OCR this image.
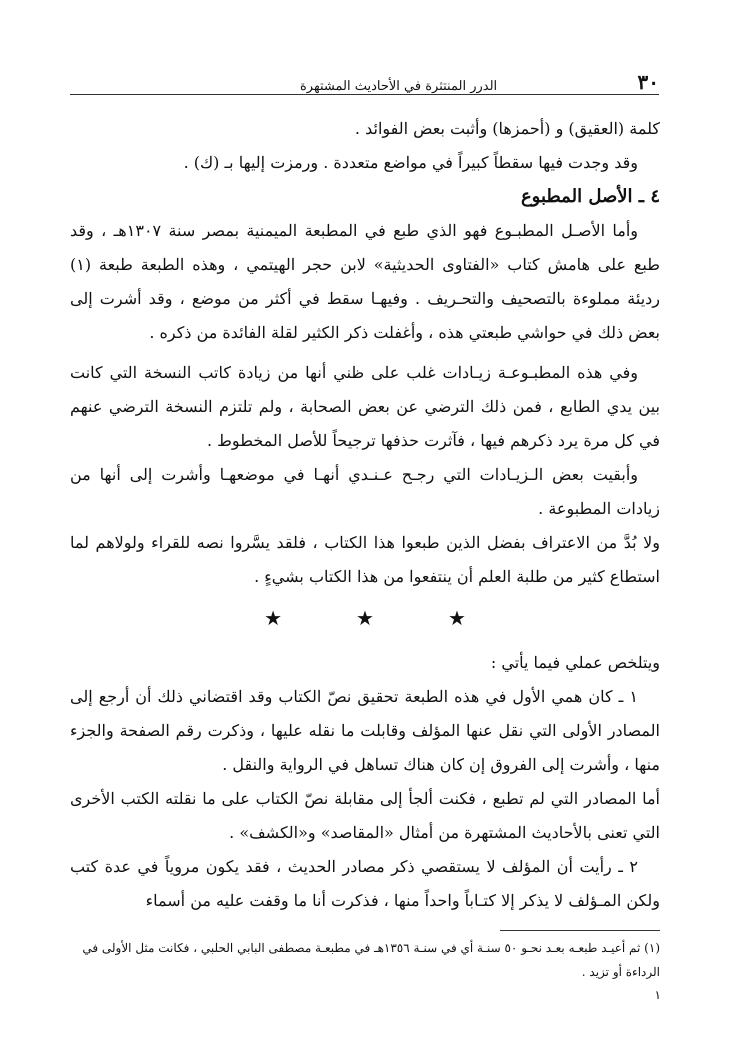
٣٠
الدرر المنتثرة في الأحاديث المشتهرة

كلمة (العقيق) و (أحمزها) وأثبت بعض الفوائد .

وقد وجدت فيها سقطاً كبيراً في مواضع متعددة . ورمزت إليها بـ (ك) .

٤ ـ الأصل المطبوع

وأما الأصـل المطبـوع فهو الذي طبع في المطبعة الميمنية بمصر سنة ١٣٠٧هـ ، وقد طبع على هامش كتاب «الفتاوى الحديثية» لابن حجر الهيتمي ، وهذه الطبعة طبعة (١) رديئة مملوءة بالتصحيف والتحـريف . وفيهـا سقط في أكثر من موضع ، وقد أشرت إلى بعض ذلك في حواشي طبعتي هذه ، وأغفلت ذكر الكثير لقلة الفائدة من ذكره .

وفي هذه المطبـوعـة زيـادات غلب على ظني أنها من زيادة كاتب النسخة التي كانت بين يدي الطابع ، فمن ذلك الترضي عن بعض الصحابة ، ولم تلتزم النسخة الترضي عنهم في كل مرة يرد ذكرهم فيها ، فآثرت حذفها ترجيحاً للأصل المخطوط .

وأبقيت بعض الـزيـادات التي رجـح عـنـدي أنهـا في موضعهـا وأشرت إلى أنها من زيادات المطبوعة .

ولا بُدَّ من الاعتراف بفضل الذين طبعوا هذا الكتاب ، فلقد يسَّروا نصه للقراء ولولاهم لما استطاع كثير من طلبة العلم أن ينتفعوا من هذا الكتاب بشيءٍ .

★	★	★

ويتلخص عملي فيما يأتي :

١ ـ كان همي الأول في هذه الطبعة تحقيق نصّ الكتاب وقد اقتضاني ذلك أن أرجع إلى المصادر الأولى التي نقل عنها المؤلف وقابلت ما نقله عليها ، وذكرت رقم الصفحة والجزء منها ، وأشرت إلى الفروق إن كان هناك تساهل في الرواية والنقل .

أما المصادر التي لم تطبع ، فكنت ألجأ إلى مقابلة نصّ الكتاب على ما نقلته الكتب الأخرى التي تعنى بالأحاديث المشتهرة من أمثال «المقاصد» و«الكشف» .

٢ ـ رأيت أن المؤلف لا يستقصي ذكر مصادر الحديث ، فقد يكون مروياً في عدة كتب ولكن المـؤلف لا يذكر إلا كتـاباً واحداً منها ، فذكرت أنا ما وقفت عليه من أسماء

(١) ثم أعيـد طبعـه بعـد نحـو ٥٠ سنـة أي في سنـة ١٣٥٦هـ في مطبعـة مصطفى البابي الحلبي ، فكانت مثل الأولى في

الرداءة أو تزيد .

١
